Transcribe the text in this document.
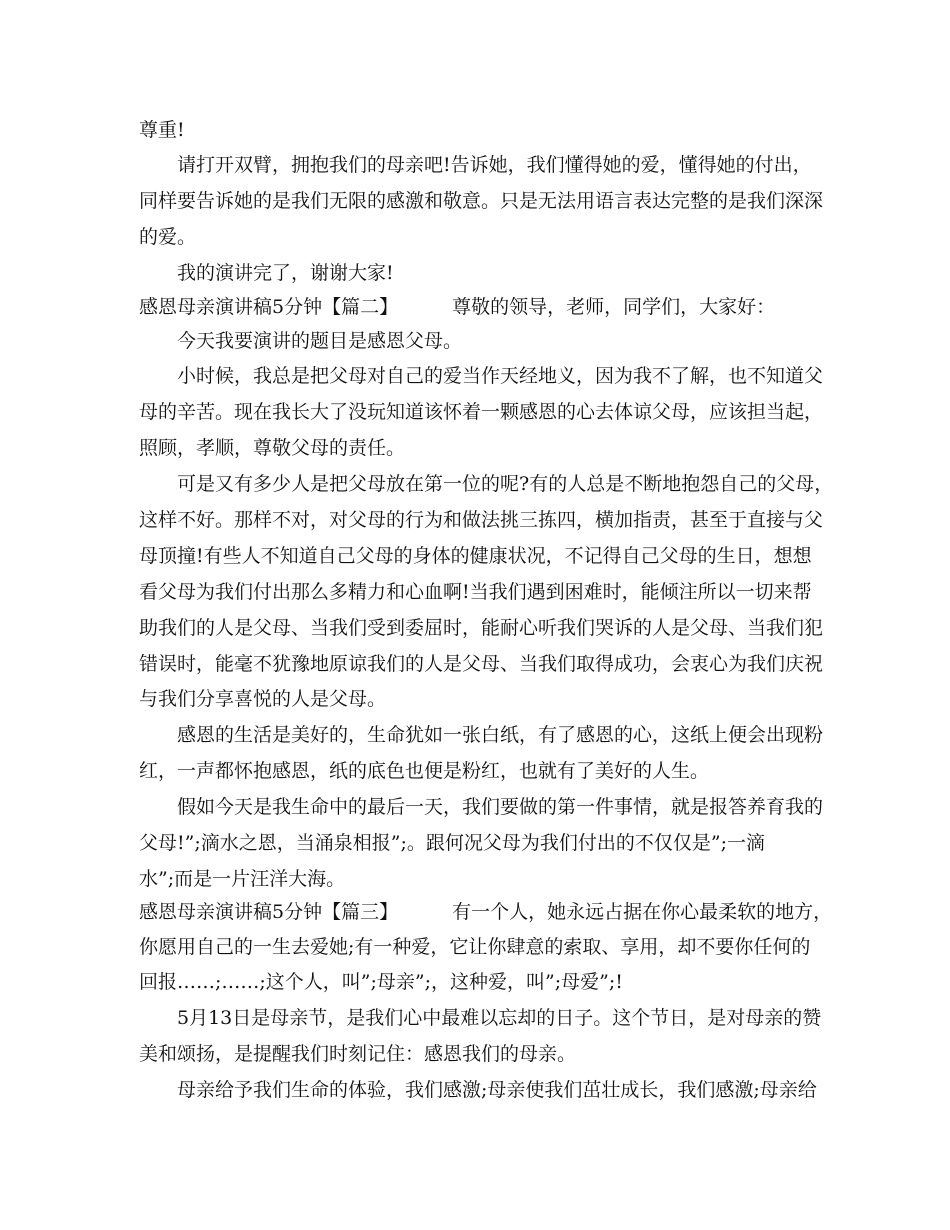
尊重!
请打开双臂，拥抱我们的母亲吧!告诉她，我们懂得她的爱，懂得她的付出，
同样要告诉她的是我们无限的感激和敬意。只是无法用语言表达完整的是我们深深
的爱。
我的演讲完了，谢谢大家!
感恩母亲演讲稿5分钟【篇二】	尊敬的领导，老师，同学们，大家好：
今天我要演讲的题目是感恩父母。
小时候，我总是把父母对自己的爱当作天经地义，因为我不了解，也不知道父
母的辛苦。现在我长大了没玩知道该怀着一颗感恩的心去体谅父母，应该担当起，
照顾，孝顺，尊敬父母的责任。
可是又有多少人是把父母放在第一位的呢?有的人总是不断地抱怨自己的父母，
这样不好。那样不对，对父母的行为和做法挑三拣四，横加指责，甚至于直接与父
母顶撞!有些人不知道自己父母的身体的健康状况，不记得自己父母的生日，想想
看父母为我们付出那么多精力和心血啊!当我们遇到困难时，能倾注所以一切来帮
助我们的人是父母、当我们受到委屈时，能耐心听我们哭诉的人是父母、当我们犯
错误时，能毫不犹豫地原谅我们的人是父母、当我们取得成功，会衷心为我们庆祝
与我们分享喜悦的人是父母。
感恩的生活是美好的，生命犹如一张白纸，有了感恩的心，这纸上便会出现粉
红，一声都怀抱感恩，纸的底色也便是粉红，也就有了美好的人生。
假如今天是我生命中的最后一天，我们要做的第一件事情，就是报答养育我的
父母!”;滴水之恩，当涌泉相报”;。跟何况父母为我们付出的不仅仅是”;一滴
水”;而是一片汪洋大海。
感恩母亲演讲稿5分钟【篇三】	有一个人，她永远占据在你心最柔软的地方，
你愿用自己的一生去爱她;有一种爱，它让你肆意的索取、享用，却不要你任何的
回报……;……;这个人，叫”;母亲”;，这种爱，叫”;母爱”;!
5月13日是母亲节，是我们心中最难以忘却的日子。这个节日，是对母亲的赞
美和颂扬，是提醒我们时刻记住：感恩我们的母亲。
母亲给予我们生命的体验，我们感激;母亲使我们茁壮成长，我们感激;母亲给
